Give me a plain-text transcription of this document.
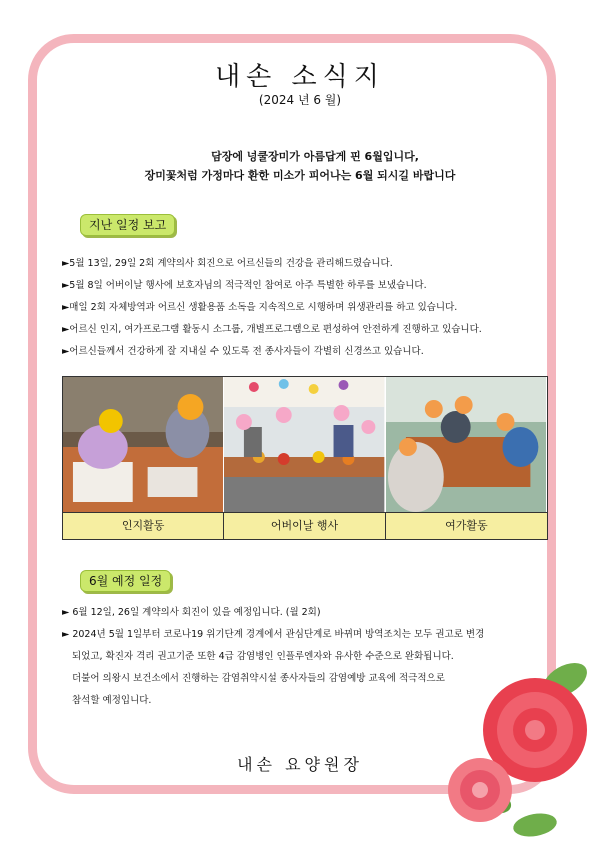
내손 소식지
(2024 년 6 월)
담장에 넝쿨장미가 아름답게 핀 6월입니다,
장미꽃처럼 가정마다 환한 미소가 피어나는 6월 되시길 바랍니다
지난 일정 보고
►5월 13일, 29일 2회 계약의사 회진으로 어르신들의 건강을 관리해드렸습니다.
►5월 8일 어버이날 행사에 보호자님의 적극적인 참여로 아주 특별한 하루를 보냈습니다.
►매일 2회 자체방역과 어르신 생활용품 소독을 지속적으로 시행하며 위생관리를 하고 있습니다.
►어르신 인지, 여가프로그램 활동시 소그룹, 개별프로그램으로 편성하여 안전하게 진행하고 있습니다.
►어르신들께서 건강하게 잘 지내실 수 있도록 전 종사자들이 각별히 신경쓰고 있습니다.
인지활동	어버이날 행사	여가활동
6월 예정 일정
► 6월 12일, 26일 계약의사 회진이 있을 예정입니다. (월 2회)
► 2024년 5월 1일부터 코로나19 위기단계 경계에서 관심단계로 바뀌며 방역조치는 모두 권고로 변경
되었고, 확진자 격리 권고기준 또한 4급 감염병인 인플루엔자와 유사한 수준으로 완화됩니다.
더불어 의왕시 보건소에서 진행하는 감염취약시설 종사자들의 감염예방 교육에 적극적으로
참석할 예정입니다.
내손 요양원장
